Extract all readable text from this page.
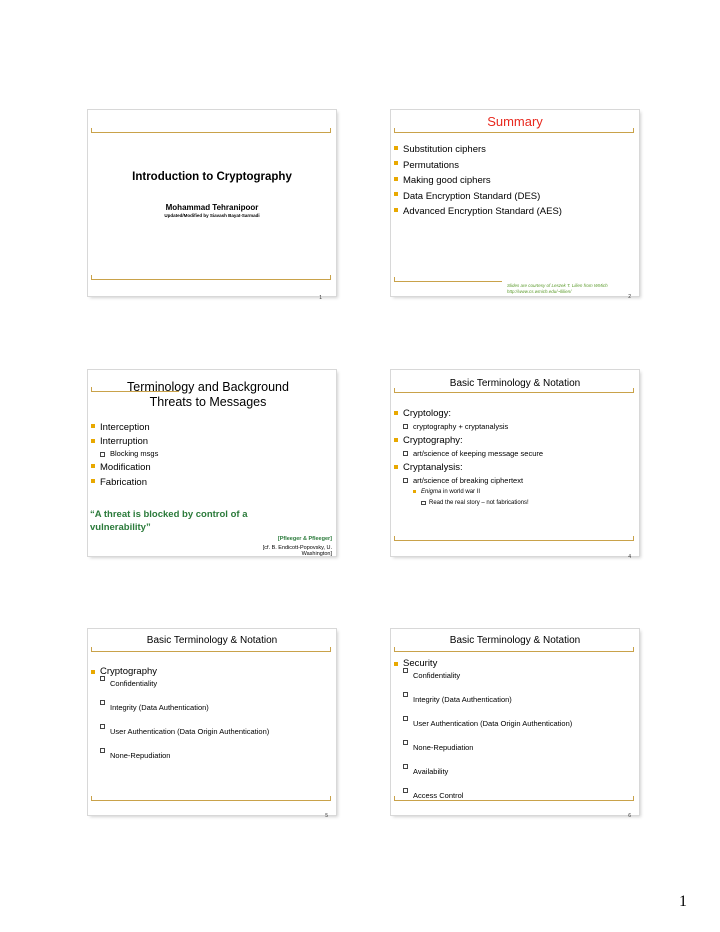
Introduction to Cryptography
Mohammad Tehranipoor
Updated/Modified by Siavash Bayat-Sarmadi
1
Summary
Substitution ciphers
Permutations
Making good ciphers
Data Encryption Standard (DES)
Advanced Encryption Standard (AES)
Slides are courtesy of Leszek T. Lilien from WMich
http://www.cs.wmich.edu/~llilien/
2
Terminology and Background
Threats to Messages
Interception
Interruption
Blocking msgs
Modification
Fabrication
“A threat is blocked by control of a
vulnerability”
[Pfleeger & Pfleeger]
[cf. B. Endicott-Popovsky, U.
Washington]
Basic Terminology & Notation
Cryptology:
cryptography + cryptanalysis
Cryptography:
art/science of keeping message secure
Cryptanalysis:
art/science of breaking ciphertext
Enigma in world war II
Read the real story – not fabrications!
4
Basic Terminology & Notation
Cryptography
Confidentiality
Integrity (Data Authentication)
User Authentication (Data Origin Authentication)
None-Repudiation
5
Basic Terminology & Notation
Security
Confidentiality
Integrity (Data Authentication)
User Authentication (Data Origin Authentication)
None-Repudiation
Availability
Access Control
6
1
